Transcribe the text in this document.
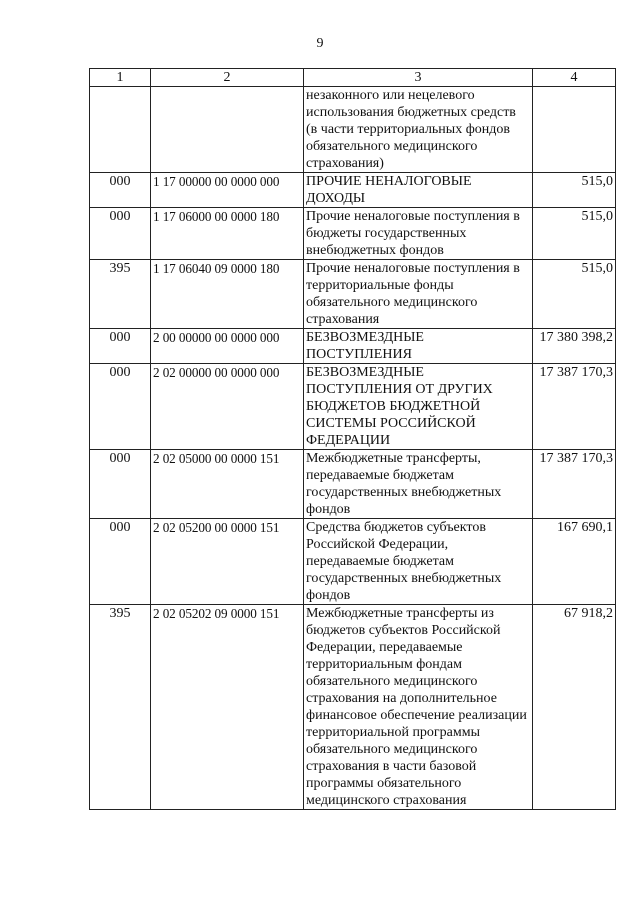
9
1	2	3	4
		незаконного или нецелевого использования бюджетных средств (в части территориальных фондов обязательного медицинского страхования)	
000	1 17 00000 00 0000 000	ПРОЧИЕ НЕНАЛОГОВЫЕ ДОХОДЫ	515,0
000	1 17 06000 00 0000 180	Прочие неналоговые поступления в бюджеты государственных внебюджетных фондов	515,0
395	1 17 06040 09 0000 180	Прочие неналоговые поступления в территориальные фонды обязательного медицинского страхования	515,0
000	2 00 00000 00 0000 000	БЕЗВОЗМЕЗДНЫЕ ПОСТУПЛЕНИЯ	17 380 398,2
000	2 02 00000 00 0000 000	БЕЗВОЗМЕЗДНЫЕ ПОСТУПЛЕНИЯ ОТ ДРУГИХ БЮДЖЕТОВ БЮДЖЕТНОЙ СИСТЕМЫ РОССИЙСКОЙ ФЕДЕРАЦИИ	17 387 170,3
000	2 02 05000 00 0000 151	Межбюджетные трансферты, передаваемые бюджетам государственных внебюджетных фондов	17 387 170,3
000	2 02 05200 00 0000 151	Средства бюджетов субъектов Российской Федерации, передаваемые бюджетам государственных внебюджетных фондов	167 690,1
395	2 02 05202 09 0000 151	Межбюджетные трансферты из бюджетов субъектов Российской Федерации, передаваемые территориальным фондам обязательного медицинского страхования на дополнительное финансовое обеспечение реализации территориальной программы обязательного медицинского страхования в части базовой программы обязательного медицинского страхования	67 918,2
